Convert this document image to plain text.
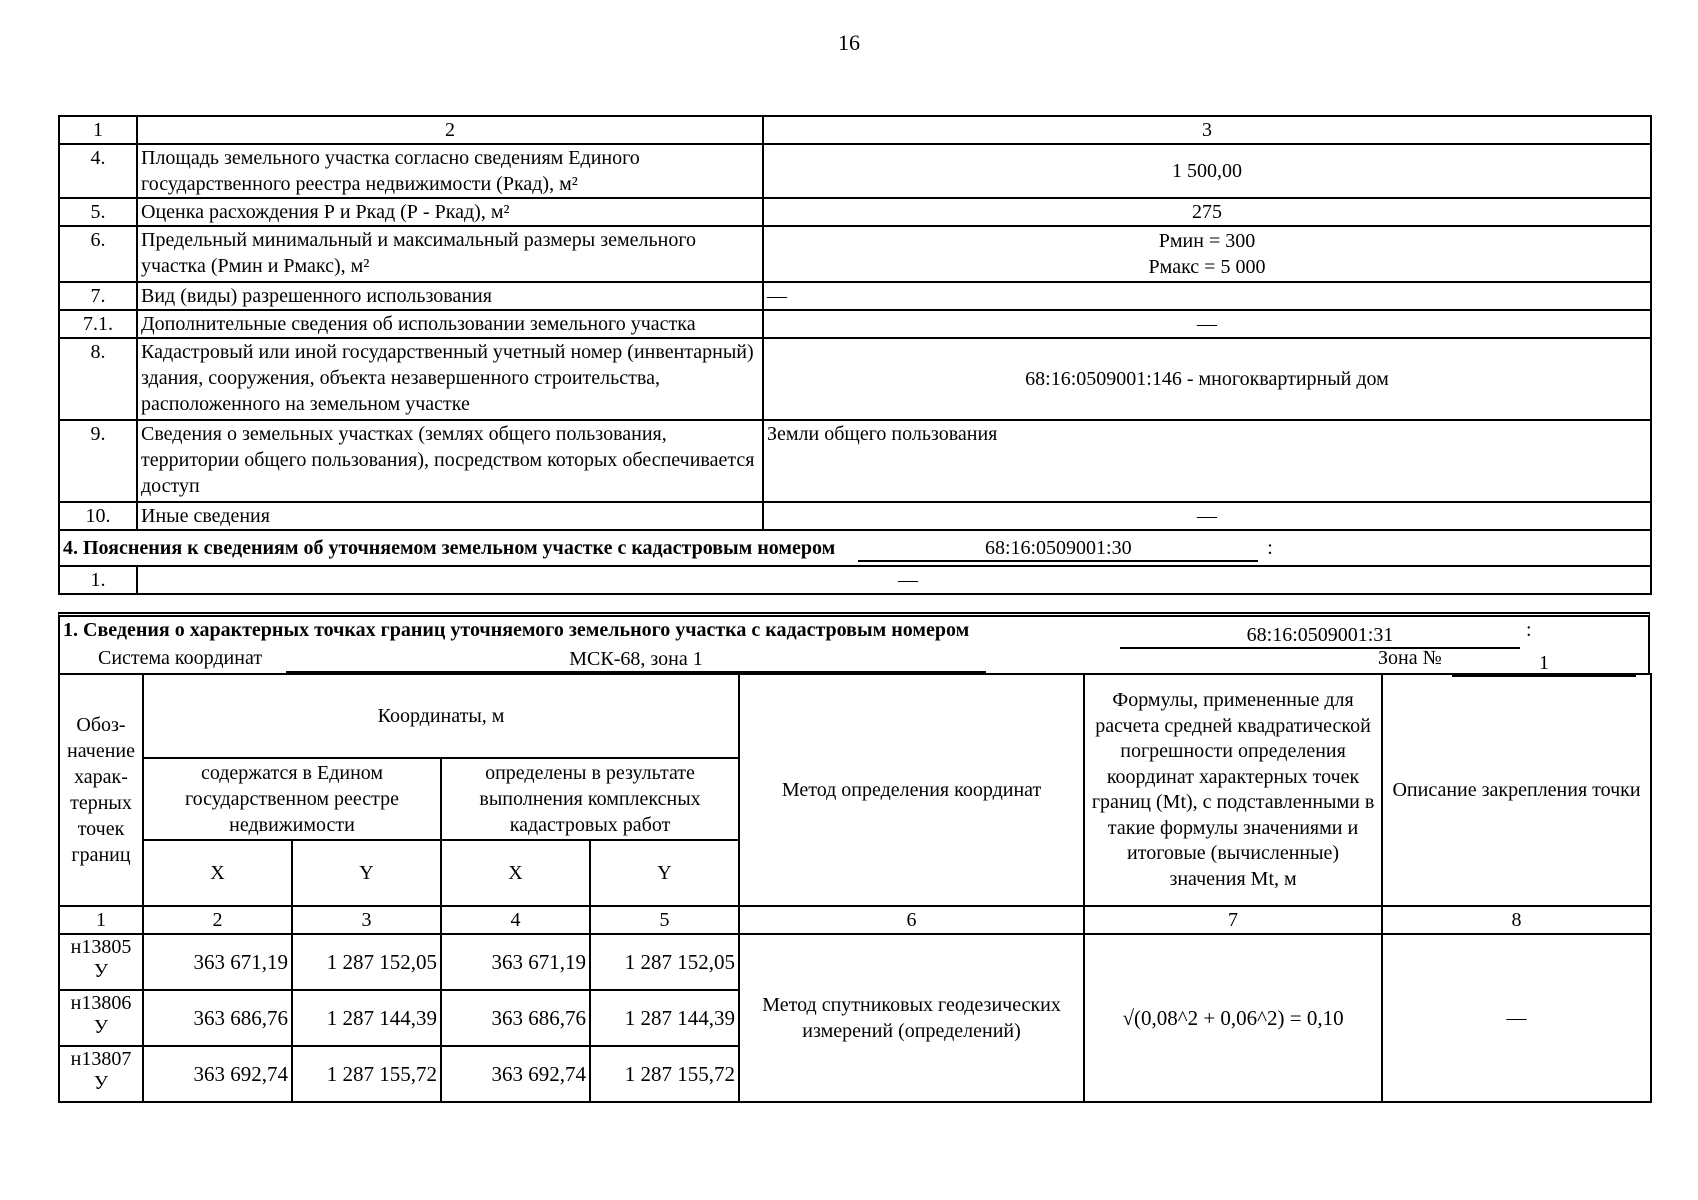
16
1	2	3
4.	Площадь земельного участка согласно сведениям Единого государственного реестра недвижимости (Ркад), м²	1 500,00
5.	Оценка расхождения Р и Ркад (Р - Ркад), м²	275
6.	Предельный минимальный и максимальный размеры земельного участка (Рмин и Рмакс), м²	Рмин = 300
Рмакс = 5 000

7.	Вид (виды) разрешенного использования	—
7.1.	Дополнительные сведения об использовании земельного участка	—
8.	Кадастровый или иной государственный учетный номер (инвентарный) здания, сооружения, объекта незавершенного строительства, расположенного на земельном участке	68:16:0509001:146 - многоквартирный дом
9.	Сведения о земельных участках (землях общего пользования, территории общего пользования), посредством которых обеспечивается доступ	Земли общего пользования
10.	Иные сведения	—
4. Пояснения к сведениям об уточняемом земельном участке с кадастровым номером 68:16:0509001:30 :		
1.	—	
1. Сведения о характерных точках границ уточняемого земельного участка с кадастровым номером	68:16:0509001:31	:
Система координат	МСК-68, зона 1	Зона №	1
Обоз-начение харак-терных точек границ	Координаты, м				Метод определения координат	Формулы, примененные для расчета средней квадратической погрешности определения координат характерных точек границ (Mt), с подставленными в такие формулы значениями и итоговые (вычисленные) значения Mt, м	Описание закрепления точки
	содержатся в Едином государственном реестре недвижимости		определены в результате выполнения комплексных кадастровых работ				
	X	Y	X	Y			
1	2	3	4	5	6	7	8
н13805 У	363 671,19	1 287 152,05	363 671,19	1 287 152,05	Метод спутниковых геодезических измерений (определений)	√(0,08^2 + 0,06^2) = 0,10	—
н13806 У	363 686,76	1 287 144,39	363 686,76	1 287 144,39			
н13807 У	363 692,74	1 287 155,72	363 692,74	1 287 155,72			
